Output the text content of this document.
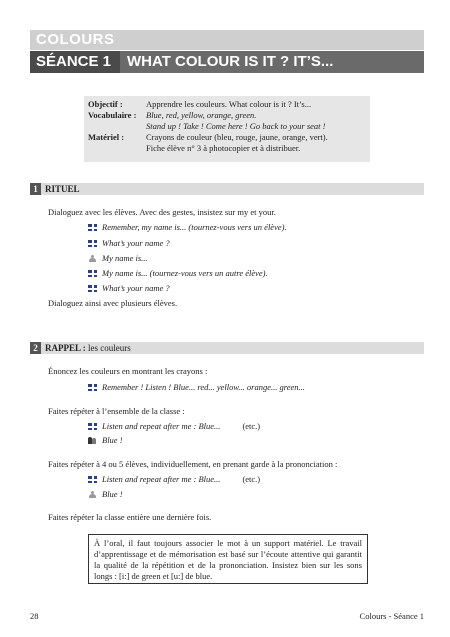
COLOURS
SÉANCE 1	WHAT COLOUR IS IT ? IT’S...
Objectif :	Apprendre les couleurs. What colour is it ? It’s...
Vocabulaire :	Blue, red, yellow, orange, green.
Stand up ! Take ! Come here ! Go back to your seat !
Matériel :	Crayons de couleur (bleu, rouge, jaune, orange, vert).
Fiche élève n° 3 à photocopier et à distribuer.
1 RITUEL
Dialoguez avec les élèves. Avec des gestes, insistez sur my et your.
Remember, my name is... (tournez-vous vers un élève).
What’s your name ?
My name is...
My name is... (tournez-vous vers un autre élève).
What’s your name ?
Dialoguez ainsi avec plusieurs élèves.
2 RAPPEL : les couleurs
Énoncez les couleurs en montrant les crayons :
Remember ! Listen ! Blue... red... yellow... orange... green...
Faites répéter à l’ensemble de la classe :
Listen and repeat after me : Blue...	(etc.)
Blue !
Faites répéter à 4 ou 5 élèves, individuellement, en prenant garde à la prononciation :
Listen and repeat after me : Blue...	(etc.)
Blue !
Faites répéter la classe entière une dernière fois.
À l’oral, il faut toujours associer le mot à un support matériel. Le travail d’apprentissage et de mémorisation est basé sur l’écoute attentive qui garantit la qualité de la répétition et de la prononciation. Insistez bien sur les sons longs : [i:] de green et [u:] de blue.
28	Colours - Séance 1
